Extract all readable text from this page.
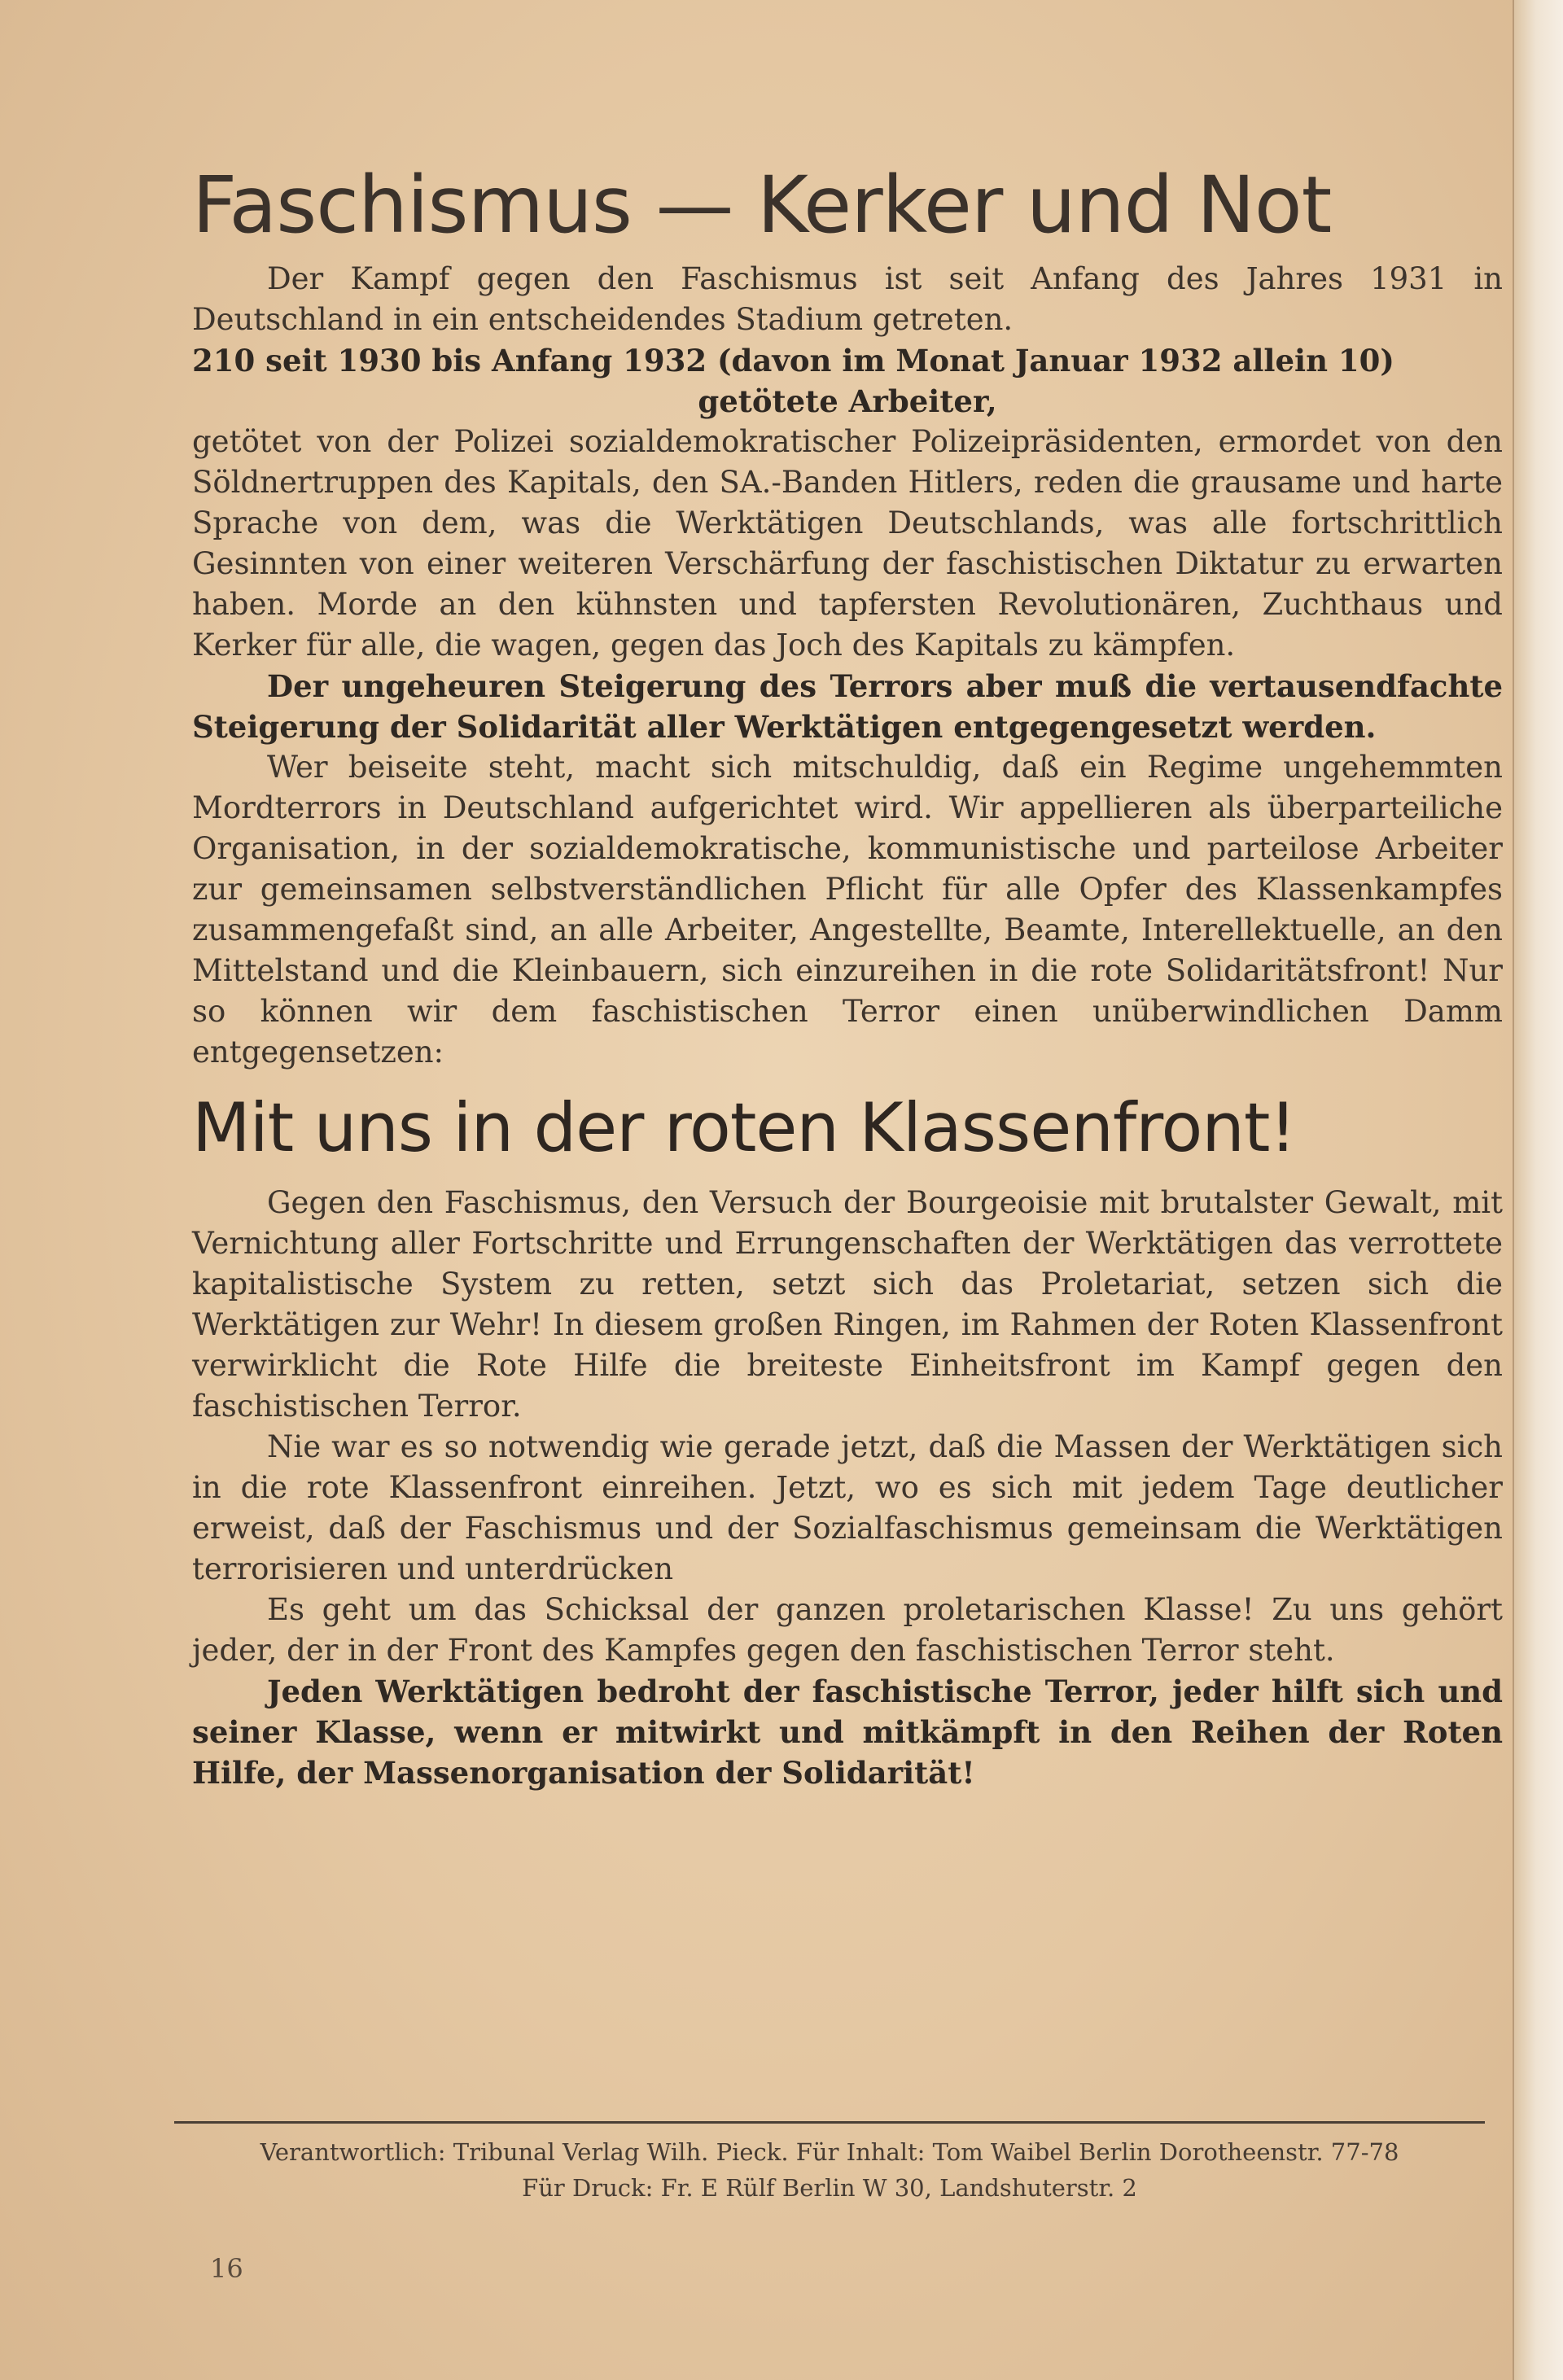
Faschismus — Kerker und Not

Der Kampf gegen den Faschismus ist seit Anfang des Jahres 1931 in Deutschland in ein entscheidendes Stadium getreten.

210 seit 1930 bis Anfang 1932 (davon im Monat Januar 1932 allein 10)

getötete Arbeiter,

getötet von der Polizei sozialdemokratischer Polizeipräsidenten, ermordet von den Söldnertruppen des Kapitals, den SA.-Banden Hitlers, reden die grausame und harte Sprache von dem, was die Werktätigen Deutschlands, was alle fortschrittlich Gesinnten von einer weiteren Verschärfung der faschistischen Diktatur zu erwarten haben. Morde an den kühnsten und tapfersten Revolutionären, Zuchthaus und Kerker für alle, die wagen, gegen das Joch des Kapitals zu kämpfen.

Der ungeheuren Steigerung des Terrors aber muß die vertausendfachte Steigerung der Solidarität aller Werktätigen entgegengesetzt werden.

Wer beiseite steht, macht sich mitschuldig, daß ein Regime ungehemmten Mordterrors in Deutschland aufgerichtet wird. Wir appellieren als überparteiliche Organisation, in der sozialdemokratische, kommunistische und parteilose Arbeiter zur gemeinsamen selbstverständlichen Pflicht für alle Opfer des Klassenkampfes zusammengefaßt sind, an alle Arbeiter, Angestellte, Beamte, Interellektuelle, an den Mittelstand und die Kleinbauern, sich einzureihen in die rote Solidaritätsfront! Nur so können wir dem faschistischen Terror einen unüberwindlichen Damm entgegensetzen:

Mit uns in der roten Klassenfront!

Gegen den Faschismus, den Versuch der Bourgeoisie mit brutalster Gewalt, mit Vernichtung aller Fortschritte und Errungenschaften der Werktätigen das verrottete kapitalistische System zu retten, setzt sich das Proletariat, setzen sich die Werktätigen zur Wehr! In diesem großen Ringen, im Rahmen der Roten Klassenfront verwirklicht die Rote Hilfe die breiteste Einheitsfront im Kampf gegen den faschistischen Terror.

Nie war es so notwendig wie gerade jetzt, daß die Massen der Werktätigen sich in die rote Klassenfront einreihen. Jetzt, wo es sich mit jedem Tage deutlicher erweist, daß der Faschismus und der Sozialfaschismus gemeinsam die Werktätigen terrorisieren und unterdrücken

Es geht um das Schicksal der ganzen proletarischen Klasse! Zu uns gehört jeder, der in der Front des Kampfes gegen den faschistischen Terror steht.

Jeden Werktätigen bedroht der faschistische Terror, jeder hilft sich und seiner Klasse, wenn er mitwirkt und mitkämpft in den Reihen der Roten Hilfe, der Massenorganisation der Solidarität!

Verantwortlich: Tribunal Verlag Wilh. Pieck. Für Inhalt: Tom Waibel Berlin Dorotheenstr. 77-78
Für Druck: Fr. E Rülf Berlin W 30, Landshuterstr. 2
16
